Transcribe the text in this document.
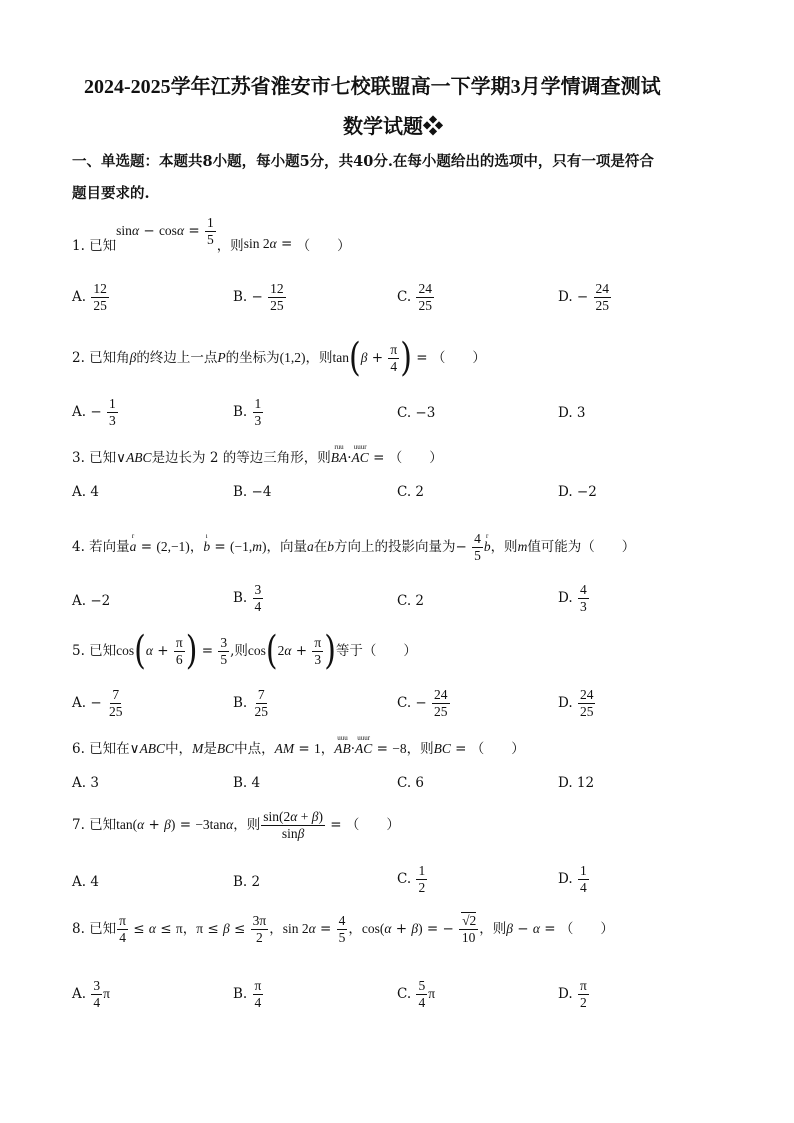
2024-2025学年江苏省淮安市七校联盟高一下学期3月学情调查测试
数学试题❖
一、单选题：本题共8小题，每小题5分，共40分.在每小题给出的选项中，只有一项是符合
题目要求的.
1. 已知$\sin\alpha - \cos\alpha = \frac{1}{5}$ ，则sin 2α = （　　）
A. $\frac{12}{25}$	B. − $\frac{12}{25}$	C. $\frac{24}{25}$	D. − $\frac{24}{25}$
2. 已知角β的终边上一点P的坐标为(1,2)，则$\tan(\beta + \frac{\pi}{4}$ ) = （　　）
A. − $\frac{1}{3}$	B. $\frac{1}{3}$	C. −3	D. 3
3. 已知∨ABC是边长为 2 的等边三角形，则
ruu
BA·
uuur
AC = （　　）
A. 4	B. −4	C. 2	D. −2
4. 若向量
r
a = (2,−1)，
ı
b = (−1,m)，向量a在b方向上的投影向量为− $\frac{4}{5}$ r
b，则m值可能为（　　）
A. −2	B. $\frac{3}{4}$	C. 2	D. $\frac{4}{3}$
5. 已知$\cos(\alpha + \frac{\pi}{6}$ ) = $\frac{3}{5}$ ,则$\cos(2\alpha + \frac{\pi}{3}$ )等于（　　）
A. − $\frac{7}{25}$	B. $\frac{7}{25}$	C. − $\frac{24}{25}$	D. $\frac{24}{25}$
6. 已知在∨ABC中，M是BC中点，AM = 1，
uuu
AB·
uuur
AC = −8，则BC = （　　）
A. 3	B. 4	C. 6	D. 12
7. 已知tan(α + β) = −3tanα，则 $\frac{\sin(2\alpha + \beta)}{\sin\beta}$ = （　　）
A. 4	B. 2	C. $\frac{1}{2}$	D. $\frac{1}{4}$
8. 已知 $\frac{\pi}{4} \le \alpha \le \pi$，$\pi \le \beta \le \frac{3\pi}{2}$ ，$\sin 2\alpha = \frac{4}{5}$ ，cos(α + β) = − $\frac{√2}{10}$ ，则β − α = （　　）
A. $\frac{3}{4}$ π	B. $\frac{\pi}{4}$	C. $\frac{5}{4}$ π	D. $\frac{\pi}{2}$
